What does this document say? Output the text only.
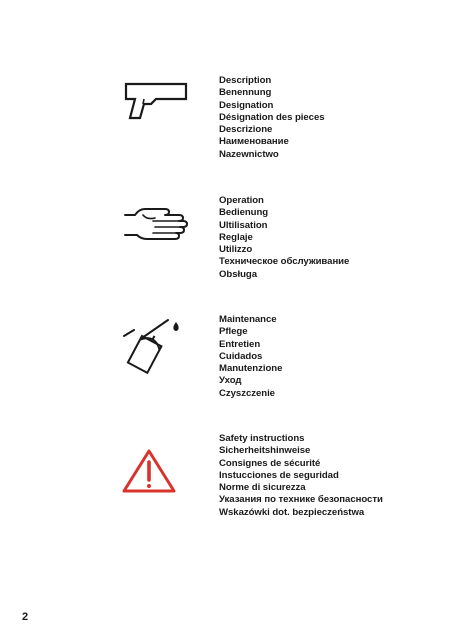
Description
Benennung
Designation
Désignation des pieces
Descrizione
Наименование
Nazewnictwo
Operation
Bedienung
Ultilisation
Reglaje
Utilizzo
Техническое обслуживание
Obsługa
Maintenance
Pflege
Entretien
Cuidados
Manutenzione
Уход
Czyszczenie
Safety instructions
Sicherheitshinweise
Consignes de sécurité
Instucciones de seguridad
Norme di sicurezza
Указания по технике безопасности
Wskazówki dot. bezpieczeństwa
2
